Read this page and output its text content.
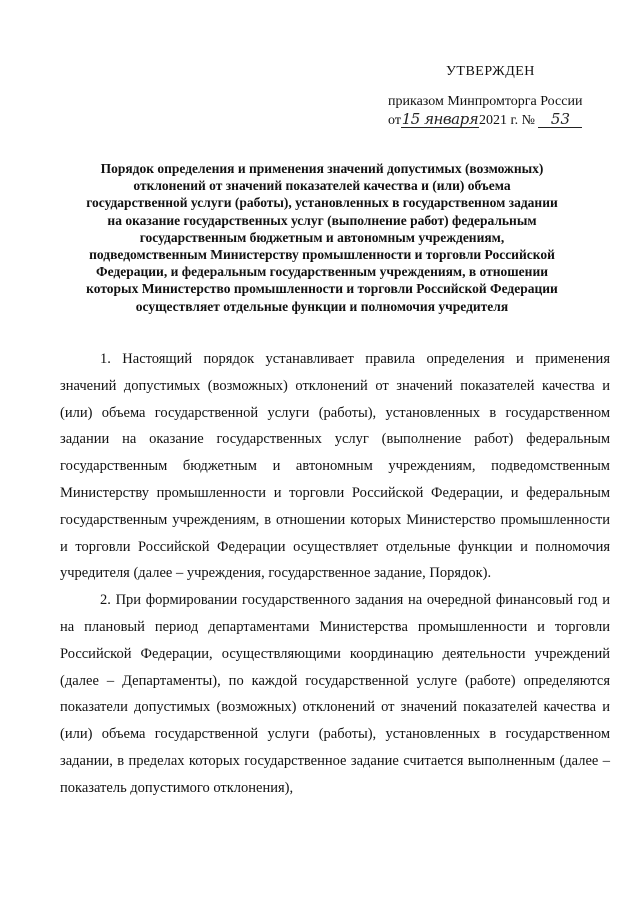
УТВЕРЖДЕН
приказом Минпромторга России
от15 января2021 г. № 53
Порядок определения и применения значений допустимых (возможных)
отклонений от значений показателей качества и (или) объема
государственной услуги (работы), установленных в государственном задании
на оказание государственных услуг (выполнение работ) федеральным
государственным бюджетным и автономным учреждениям,
подведомственным Министерству промышленности и торговли Российской
Федерации, и федеральным государственным учреждениям, в отношении
которых Министерство промышленности и торговли Российской Федерации
осуществляет отдельные функции и полномочия учредителя

1. Настоящий порядок устанавливает правила определения и применения значений допустимых (возможных) отклонений от значений показателей качества и (или) объема государственной услуги (работы), установленных в государственном задании на оказание государственных услуг (выполнение работ) федеральным государственным бюджетным и автономным учреждениям, подведомственным Министерству промышленности и торговли Российской Федерации, и федеральным государственным учреждениям, в отношении которых Министерство промышленности и торговли Российской Федерации осуществляет отдельные функции и полномочия учредителя (далее – учреждения, государственное задание, Порядок).

2. При формировании государственного задания на очередной финансовый год и на плановый период департаментами Министерства промышленности и торговли Российской Федерации, осуществляющими координацию деятельности учреждений (далее – Департаменты), по каждой государственной услуге (работе) определяются показатели допустимых (возможных) отклонений от значений показателей качества и (или) объема государственной услуги (работы), установленных в государственном задании, в пределах которых государственное задание считается выполненным (далее – показатель допустимого отклонения),
